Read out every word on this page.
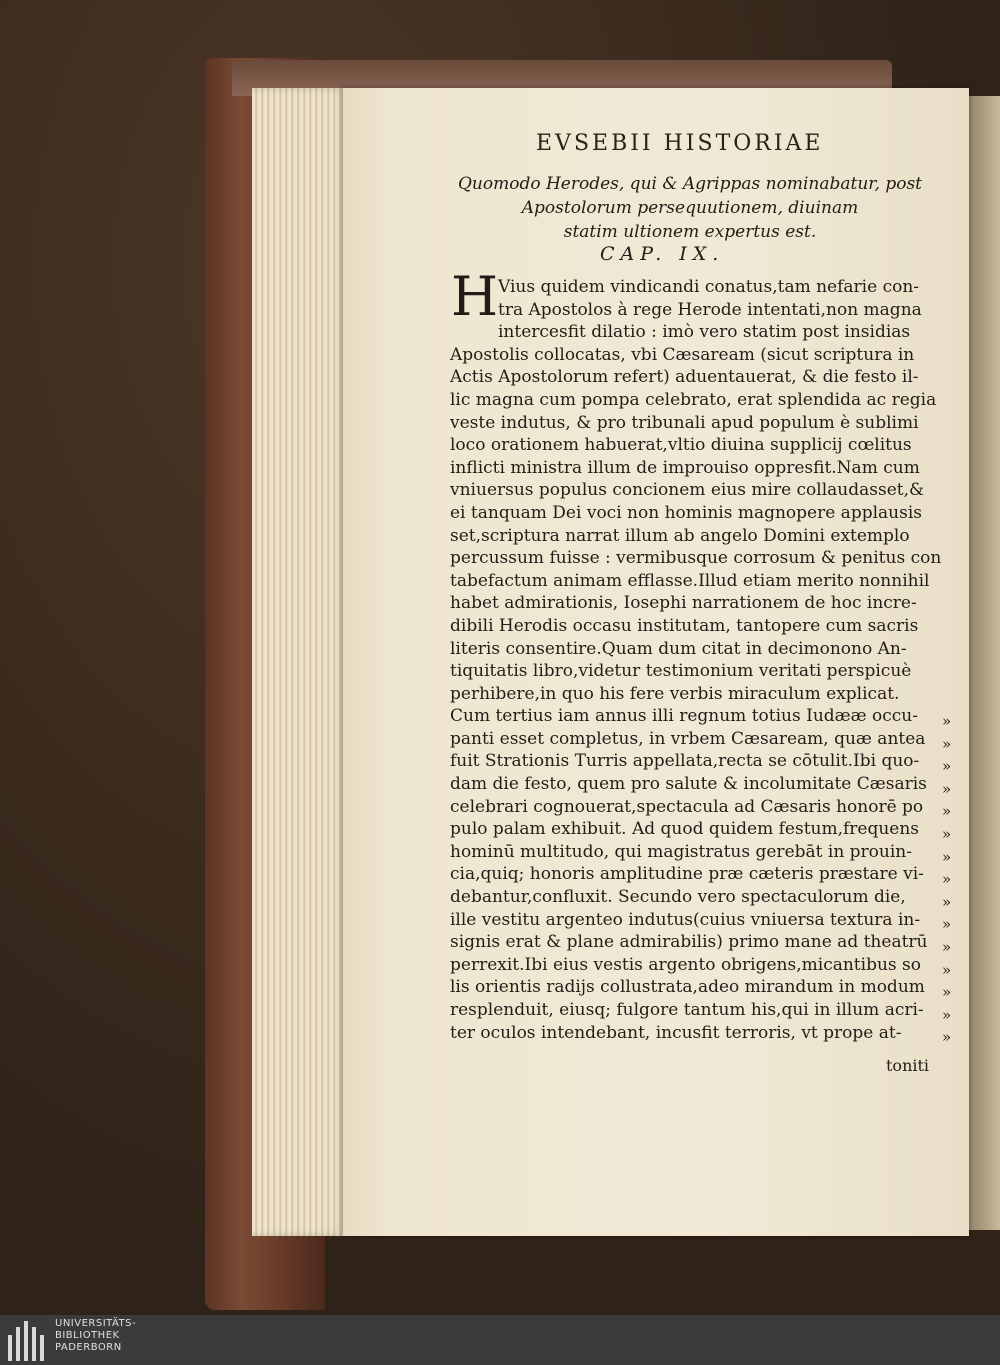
EVSEBII HISTORIAE
Quomodo Herodes, qui & Agrippas nominabatur, post
Apostolorum persequutionem, diuinam
statim ultionem expertus est.
CAP. IX.
H Vius quidem vindicandi conatus,tam nefarie con-
tra Apostolos à rege Herode intentati,non magna
intercesfit dilatio : imò vero statim post insidias
Apostolis collocatas, vbi Cæsaream (sicut scriptura in
Actis Apostolorum refert) aduentauerat, & die festo il-
lic magna cum pompa celebrato, erat splendida ac regia
veste indutus, & pro tribunali apud populum è sublimi
loco orationem habuerat,vltio diuina supplicij cœlitus
inflicti ministra illum de improuiso oppresfit.Nam cum
vniuersus populus concionem eius mire collaudasset,&
ei tanquam Dei voci non hominis magnopere applausis
set,scriptura narrat illum ab angelo Domini extemplo
percussum fuisse : vermibusque corrosum & penitus con
tabefactum animam efflasse.Illud etiam merito nonnihil
habet admirationis, Iosephi narrationem de hoc incre-
dibili Herodis occasu institutam, tantopere cum sacris
literis consentire.Quam dum citat in decimonono An-
tiquitatis libro,videtur testimonium veritati perspicuè
perhibere,in quo his fere verbis miraculum explicat.
Cum tertius iam annus illi regnum totius Iudææ occu-
panti esset completus, in vrbem Cæsaream, quæ antea
fuit Strationis Turris appellata,recta se cōtulit.Ibi quo-
dam die festo, quem pro salute & incolumitate Cæsaris
celebrari cognouerat,spectacula ad Cæsaris honorē po
pulo palam exhibuit. Ad quod quidem festum,frequens
hominū multitudo, qui magistratus gerebāt in prouin-
cia,quiq; honoris amplitudine præ cæteris præstare vi-
debantur,confluxit. Secundo vero spectaculorum die,
ille vestitu argenteo indutus(cuius vniuersa textura in-
signis erat & plane admirabilis) primo mane ad theatrū
perrexit.Ibi eius vestis argento obrigens,micantibus so
lis orientis radijs collustrata,adeo mirandum in modum
resplenduit, eiusq; fulgore tantum his,qui in illum acri-
ter oculos intendebant, incusfit terroris, vt prope at-
»
»
»
»
»
»
»
»
»
»
»
»
»
»
»
toniti
UNIVERSITÄTS-
BIBLIOTHEK
PADERBORN
